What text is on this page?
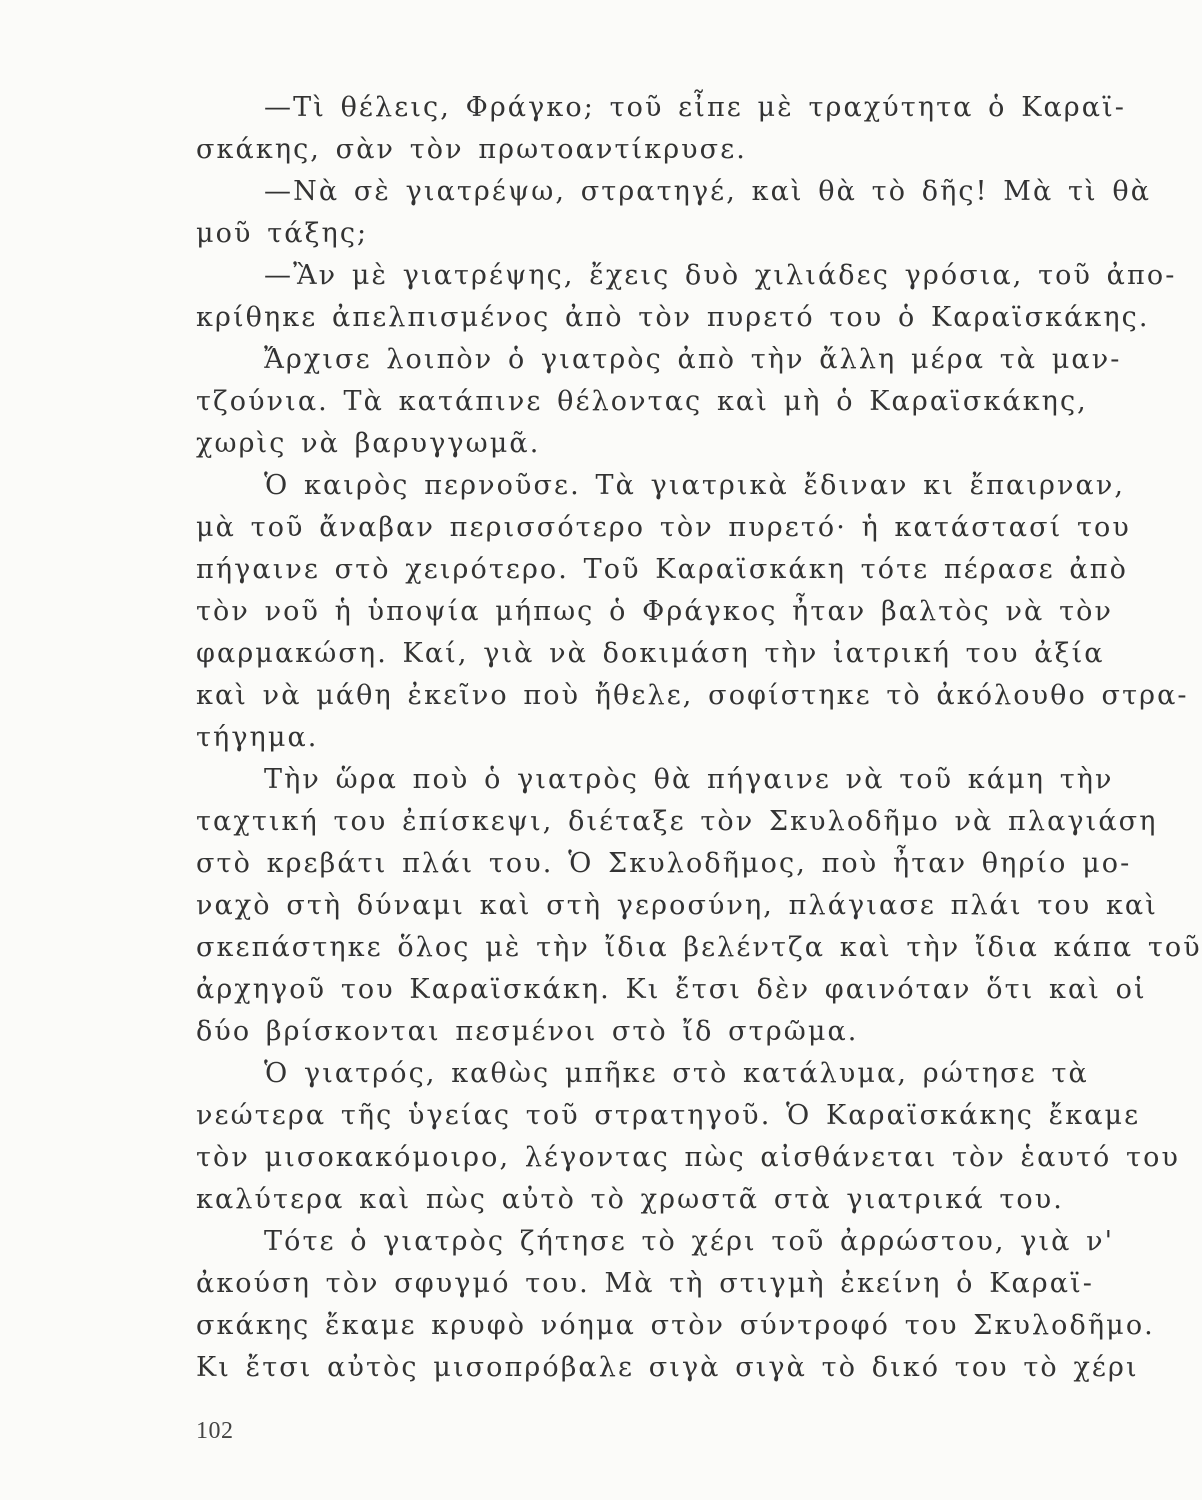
—Τὶ θέλεις, Φράγκο; τοῦ εἶπε μὲ τραχύτητα ὁ Καραϊ-
σκάκης, σὰν τὸν πρωτοαντίκρυσε.
—Νὰ σὲ γιατρέψω, στρατηγέ, καὶ θὰ τὸ δῆς! Μὰ τὶ θὰ
μοῦ τάξης;
—Ἂν μὲ γιατρέψης, ἔχεις δυὸ χιλιάδες γρόσια, τοῦ ἀπο-
κρίθηκε ἀπελπισμένος ἀπὸ τὸν πυρετό του ὁ Καραϊσκάκης.
Ἄρχισε λοιπὸν ὁ γιατρὸς ἀπὸ τὴν ἄλλη μέρα τὰ μαν-
τζούνια. Τὰ κατάπινε θέλοντας καὶ μὴ ὁ Καραϊσκάκης,
χωρὶς νὰ βαρυγγωμᾶ.
Ὁ καιρὸς περνοῦσε. Τὰ γιατρικὰ ἔδιναν κι ἔπαιρναν,
μὰ τοῦ ἄναβαν περισσότερο τὸν πυρετό· ἡ κατάστασί του
πήγαινε στὸ χειρότερο. Τοῦ Καραϊσκάκη τότε πέρασε ἀπὸ
τὸν νοῦ ἡ ὑποψία μήπως ὁ Φράγκος ἦταν βαλτὸς νὰ τὸν
φαρμακώση. Καί, γιὰ νὰ δοκιμάση τὴν ἰατρική του ἀξία
καὶ νὰ μάθη ἐκεῖνο ποὺ ἤθελε, σοφίστηκε τὸ ἀκόλουθο στρα-
τήγημα.
Τὴν ὥρα ποὺ ὁ γιατρὸς θὰ πήγαινε νὰ τοῦ κάμη τὴν
ταχτική του ἐπίσκεψι, διέταξε τὸν Σκυλοδῆμο νὰ πλαγιάση
στὸ κρεβάτι πλάι του. Ὁ Σκυλοδῆμος, ποὺ ἦταν θηρίο μο-
ναχὸ στὴ δύναμι καὶ στὴ γεροσύνη, πλάγιασε πλάι του καὶ
σκεπάστηκε ὅλος μὲ τὴν ἴδια βελέντζα καὶ τὴν ἴδια κάπα τοῦ
ἀρχηγοῦ του Καραϊσκάκη. Κι ἔτσι δὲν φαινόταν ὅτι καὶ οἱ
δύο βρίσκονται πεσμένοι στὸ ἴδ στρῶμα.
Ὁ γιατρός, καθὼς μπῆκε στὸ κατάλυμα, ρώτησε τὰ
νεώτερα τῆς ὑγείας τοῦ στρατηγοῦ. Ὁ Καραϊσκάκης ἔκαμε
τὸν μισοκακόμοιρο, λέγοντας πὼς αἰσθάνεται τὸν ἑαυτό του
καλύτερα καὶ πὼς αὐτὸ τὸ χρωστᾶ στὰ γιατρικά του.
Τότε ὁ γιατρὸς ζήτησε τὸ χέρι τοῦ ἀρρώστου, γιὰ ν'
ἀκούση τὸν σφυγμό του. Μὰ τὴ στιγμὴ ἐκείνη ὁ Καραϊ-
σκάκης ἔκαμε κρυφὸ νόημα στὸν σύντροφό του Σκυλοδῆμο.
Κι ἔτσι αὐτὸς μισοπρόβαλε σιγὰ σιγὰ τὸ δικό του τὸ χέρι
102
